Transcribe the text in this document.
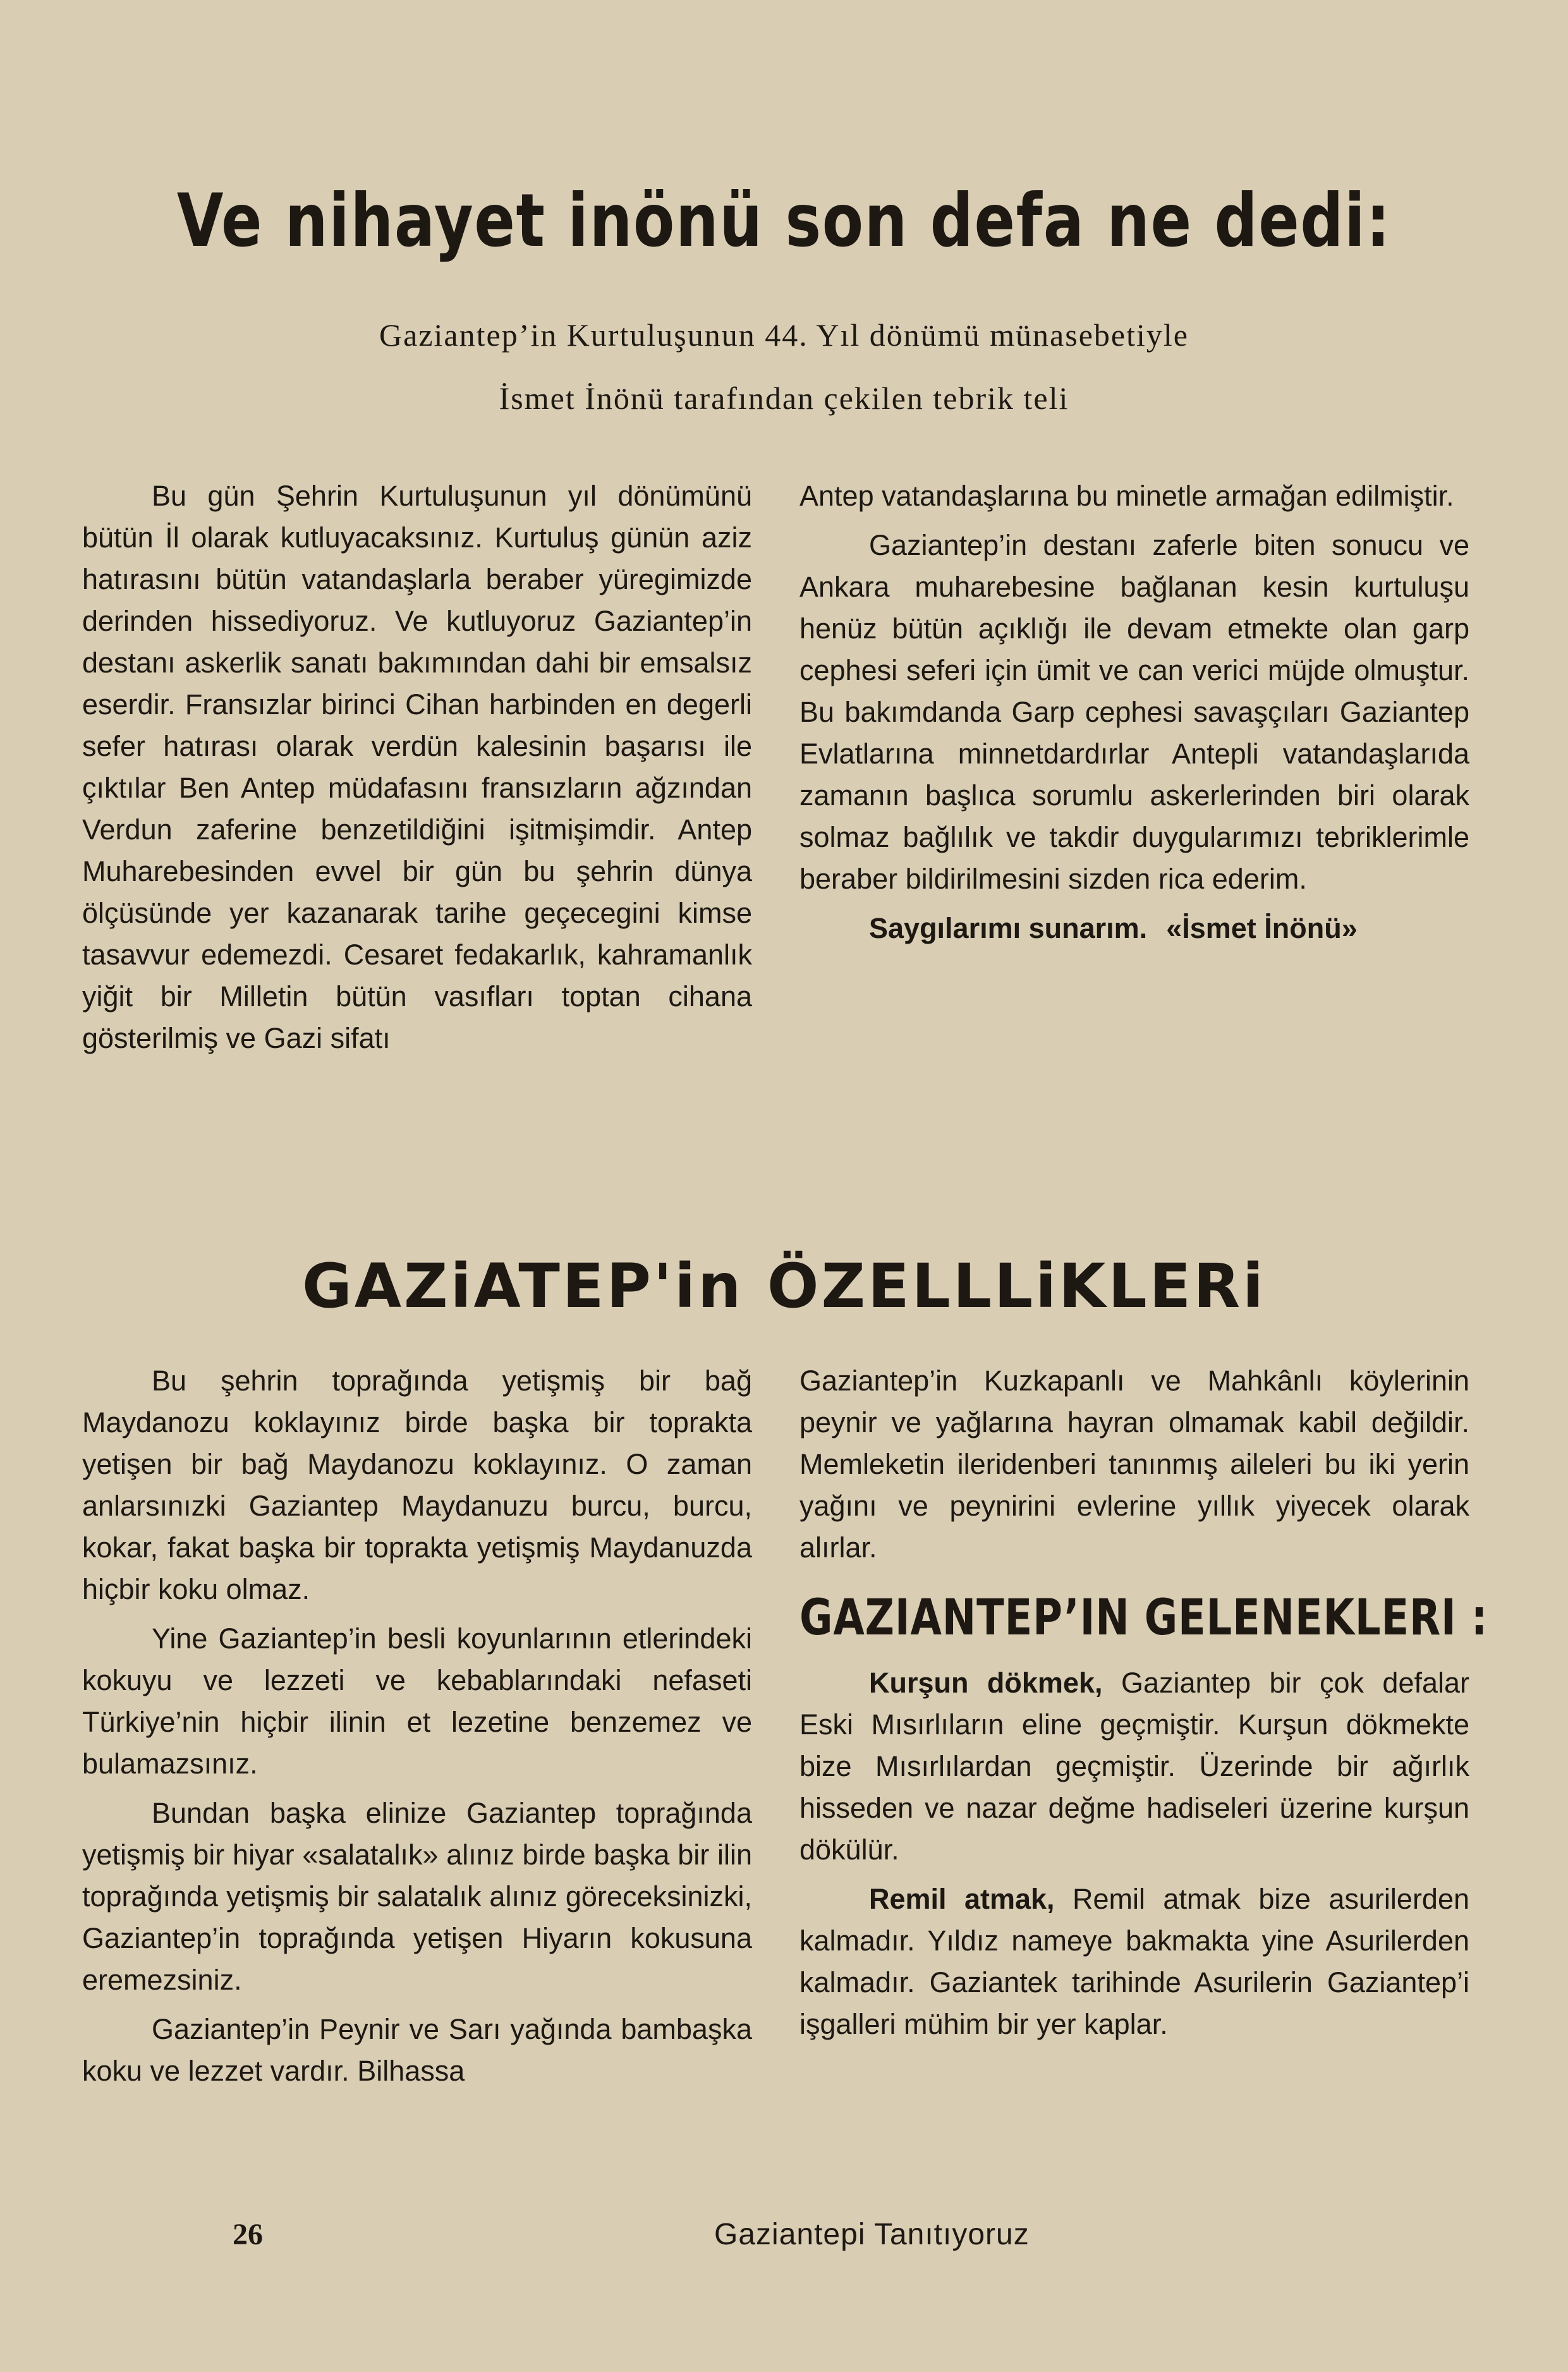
Ve nihayet inönü son defa ne dedi:
Gaziantep’in Kurtuluşunun 44. Yıl dönümü münasebetiyle
İsmet İnönü tarafından çekilen tebrik teli

Bu gün Şehrin Kurtuluşunun yıl dönümünü bütün İl olarak kutluyacaksınız. Kurtuluş günün aziz hatırasını bütün vatandaşlarla beraber yüregimizde derinden hissediyoruz. Ve kutluyoruz Gaziantep’in destanı askerlik sanatı bakımından dahi bir emsalsız eserdir. Fransızlar birinci Cihan harbinden en degerli sefer hatırası olarak verdün kalesinin başarısı ile çıktılar Ben Antep müdafasını fransızların ağzından Verdun zaferine benzetildiğini işitmişimdir. Antep Muharebesinden evvel bir gün bu şehrin dünya ölçüsünde yer kazanarak tarihe geçecegini kimse tasavvur edemezdi. Cesaret fedakarlık, kahramanlık yiğit bir Milletin bütün vasıfları toptan cihana gösterilmiş ve Gazi sifatı

Antep vatandaşlarına bu minetle armağan edilmiştir.

Gaziantep’in destanı zaferle biten sonucu ve Ankara muharebesine bağlanan kesin kurtuluşu henüz bütün açıklığı ile devam etmekte olan garp cephesi seferi için ümit ve can verici müjde olmuştur. Bu bakımdanda Garp cephesi savaşçıları Gaziantep Evlatlarına minnetdardırlar Antepli vatandaşlarıda zamanın başlıca sorumlu askerlerinden biri olarak solmaz bağlılık ve takdir duygularımızı tebriklerimle beraber bildirilmesini sizden rica ederim.

Saygılarımı sunarım. «İsmet İnönü»

GAZiATEP'in ÖZELLLiKLERi

Bu şehrin toprağında yetişmiş bir bağ Maydanozu koklayınız birde başka bir toprakta yetişen bir bağ Maydanozu koklayınız. O zaman anlarsınızki Gaziantep Maydanuzu burcu, burcu, kokar, fakat başka bir toprakta yetişmiş Maydanuzda hiçbir koku olmaz.

Yine Gaziantep’in besli koyunlarının etlerindeki kokuyu ve lezzeti ve kebablarındaki nefaseti Türkiye’nin hiçbir ilinin et lezetine benzemez ve bulamazsınız.

Bundan başka elinize Gaziantep toprağında yetişmiş bir hiyar «salatalık» alınız birde başka bir ilin toprağında yetişmiş bir salatalık alınız göreceksinizki, Gaziantep’in toprağında yetişen Hiyarın kokusuna eremezsiniz.

Gaziantep’in Peynir ve Sarı yağında bambaşka koku ve lezzet vardır. Bilhassa

Gaziantep’in Kuzkapanlı ve Mahkânlı köylerinin peynir ve yağlarına hayran olmamak kabil değildir. Memleketin ileridenberi tanınmış aileleri bu iki yerin yağını ve peynirini evlerine yıllık yiyecek olarak alırlar.

GAZIANTEP’IN GELENEKLERI :

Kurşun dökmek, Gaziantep bir çok defalar Eski Mısırlıların eline geçmiştir. Kurşun dökmekte bize Mısırlılardan geçmiştir. Üzerinde bir ağırlık hisseden ve nazar değme hadiseleri üzerine kurşun dökülür.

Remil atmak, Remil atmak bize asurilerden kalmadır. Yıldız nameye bakmakta yine Asurilerden kalmadır. Gaziantek tarihinde Asurilerin Gaziantep’i işgalleri mühim bir yer kaplar.

26	Gaziantepi Tanıtıyoruz
